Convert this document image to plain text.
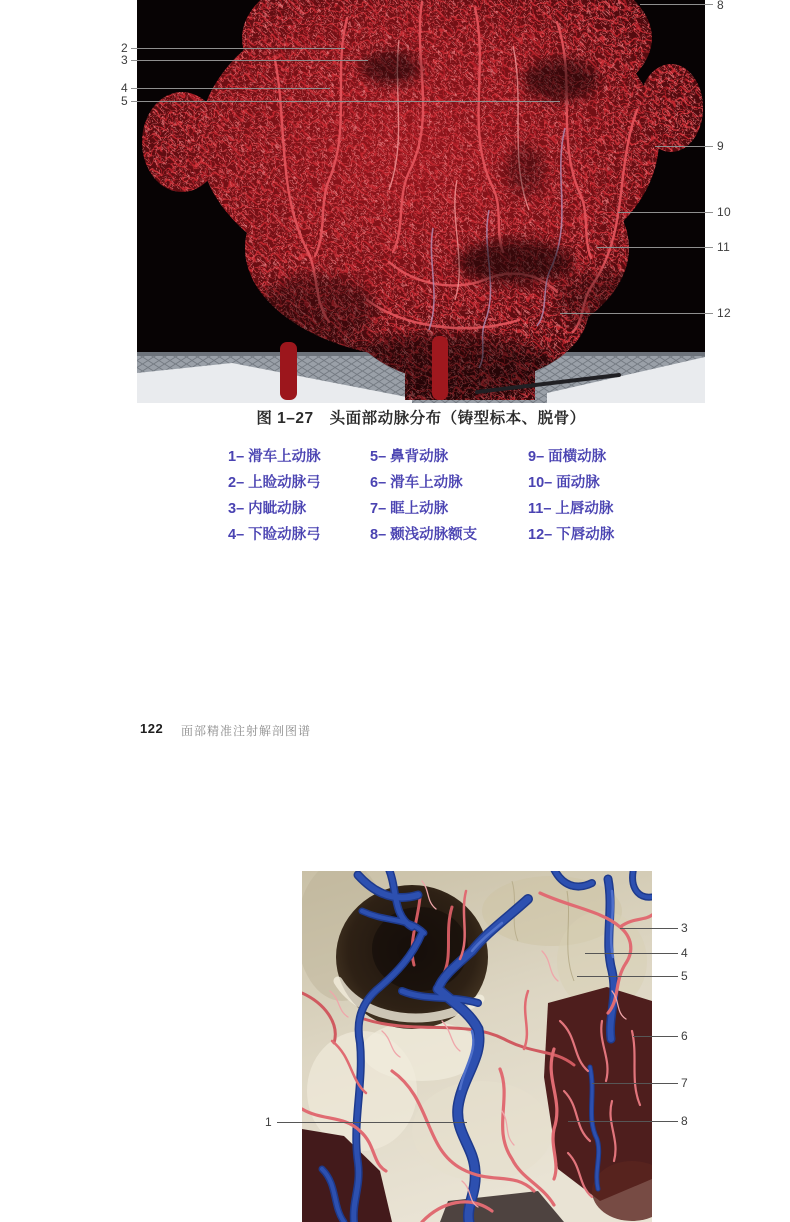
2
3
4
5
8
9
10
11
12
图 1–27　头面部动脉分布（铸型标本、脱骨）
1– 滑车上动脉
2– 上睑动脉弓
3– 内眦动脉
4– 下睑动脉弓
5– 鼻背动脉
6– 滑车上动脉
7– 眶上动脉
8– 颞浅动脉额支
9– 面横动脉
10– 面动脉
11– 上唇动脉
12– 下唇动脉
122 面部精准注射解剖图谱
1
3
4
5
6
7
8
